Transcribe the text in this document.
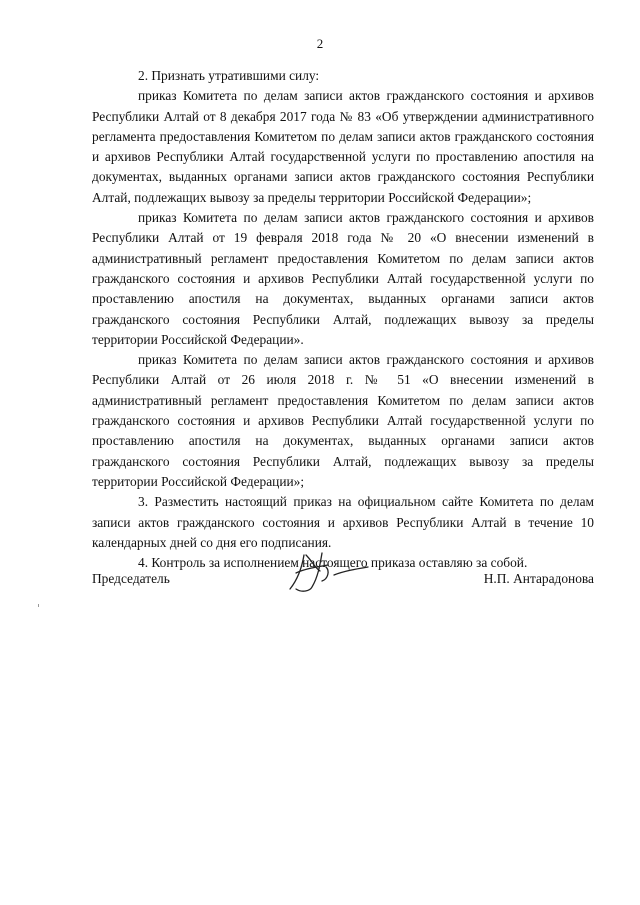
2

2. Признать утратившими силу:

приказ Комитета по делам записи актов гражданского состояния и архивов Республики Алтай от 8 декабря 2017 года № 83 «Об утверждении административного регламента предоставления Комитетом по делам записи актов гражданского состояния и архивов Республики Алтай государственной услуги по проставлению апостиля на документах, выданных органами записи актов гражданского состояния Республики Алтай, подлежащих вывозу за пределы территории Российской Федерации»;

приказ Комитета по делам записи актов гражданского состояния и архивов Республики Алтай от 19 февраля 2018 года № 20 «О внесении изменений в административный регламент предоставления Комитетом по делам записи актов гражданского состояния и архивов Республики Алтай государственной услуги по проставлению апостиля на документах, выданных органами записи актов гражданского состояния Республики Алтай, подлежащих вывозу за пределы территории Российской Федерации».

приказ Комитета по делам записи актов гражданского состояния и архивов Республики Алтай от 26 июля 2018 г. № 51 «О внесении изменений в административный регламент предоставления Комитетом по делам записи актов гражданского состояния и архивов Республики Алтай государственной услуги по проставлению апостиля на документах, выданных органами записи актов гражданского состояния Республики Алтай, подлежащих вывозу за пределы территории Российской Федерации»;

3. Разместить настоящий приказ на официальном сайте Комитета по делам записи актов гражданского состояния и архивов Республики Алтай в течение 10 календарных дней со дня его подписания.

4. Контроль за исполнением настоящего приказа оставляю за собой.

Председатель	Н.П. Антарадонова
